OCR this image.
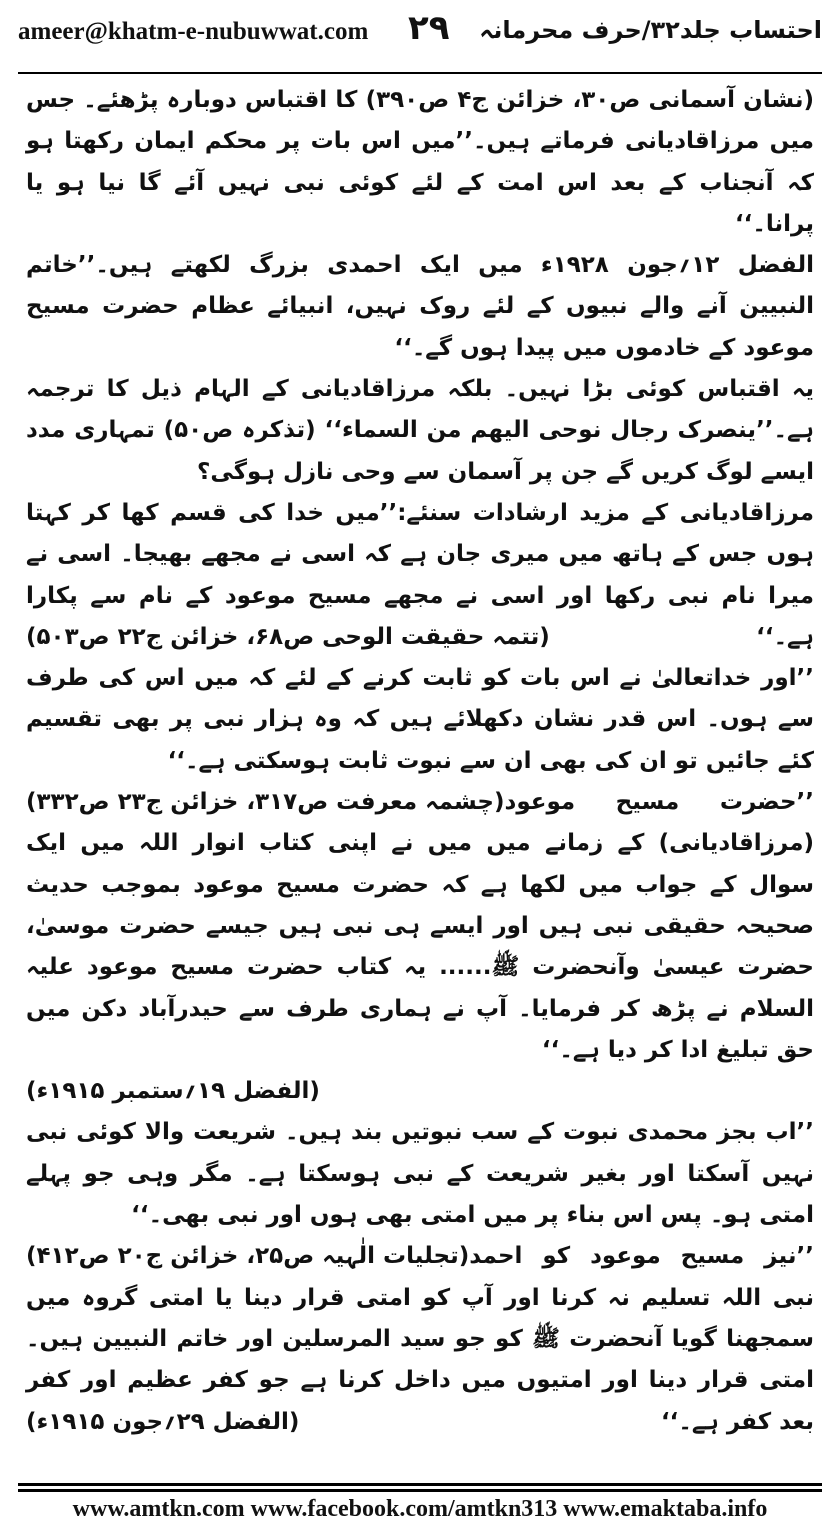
ameer@khatm-e-nubuwwat.com ۲۹ احتساب جلد۳۲/حرف محرمانہ

(نشان آسمانی ص۳۰، خزائن ج۴ ص۳۹۰) کا اقتباس دوبارہ پڑھئے۔ جس میں مرزاقادیانی فرماتے ہیں۔’’میں اس بات پر محکم ایمان رکھتا ہو کہ آنجناب کے بعد اس امت کے لئے کوئی نبی نہیں آئے گا نیا ہو یا پرانا۔‘‘

الفضل ۱۲؍جون ۱۹۲۸ء میں ایک احمدی بزرگ لکھتے ہیں۔’’خاتم النبیین آنے والے نبیوں کے لئے روک نہیں، انبیائے عظام حضرت مسیح موعود کے خادموں میں پیدا ہوں گے۔‘‘

یہ اقتباس کوئی بڑا نہیں۔ بلکہ مرزاقادیانی کے الہام ذیل کا ترجمہ ہے۔’’ینصرک رجال نوحی الیھم من السماء‘‘ (تذکرہ ص۵۰) تمہاری مدد ایسے لوگ کریں گے جن پر آسمان سے وحی نازل ہوگی؟

مرزاقادیانی کے مزید ارشادات سنئے:’’میں خدا کی قسم کھا کر کہتا ہوں جس کے ہاتھ میں میری جان ہے کہ اسی نے مجھے بھیجا۔ اسی نے میرا نام نبی رکھا اور اسی نے مجھے مسیح موعود کے نام سے پکارا ہے۔‘‘
(تتمہ حقیقت الوحی ص۶۸، خزائن ج۲۲ ص۵۰۳)

’’اور خداتعالیٰ نے اس بات کو ثابت کرنے کے لئے کہ میں اس کی طرف سے ہوں۔ اس قدر نشان دکھلائے ہیں کہ وہ ہزار نبی پر بھی تقسیم کئے جائیں تو ان کی بھی ان سے نبوت ثابت ہوسکتی ہے۔‘‘
(چشمہ معرفت ص۳۱۷، خزائن ج۲۳ ص۳۳۲) ’’حضرت مسیح موعود (مرزاقادیانی) کے زمانے میں میں نے اپنی کتاب انوار اللہ میں ایک سوال کے جواب میں لکھا ہے کہ حضرت مسیح موعود بموجب حدیث صحیحہ حقیقی نبی ہیں اور ایسے ہی نبی ہیں جیسے حضرت موسیٰ، حضرت عیسیٰ وآنحضرت ﷺ...... یہ کتاب حضرت مسیح موعود علیہ السلام نے پڑھ کر فرمایا۔ آپ نے ہماری طرف سے حیدرآباد دکن میں حق تبلیغ ادا کر دیا ہے۔‘‘

(الفضل ۱۹؍ستمبر ۱۹۱۵ء)

’’اب بجز محمدی نبوت کے سب نبوتیں بند ہیں۔ شریعت والا کوئی نبی نہیں آسکتا اور بغیر شریعت کے نبی ہوسکتا ہے۔ مگر وہی جو پہلے امتی ہو۔ پس اس بناء پر میں امتی بھی ہوں اور نبی بھی۔‘‘
(تجلیات الٰہیہ ص۲۵، خزائن ج۲۰ ص۴۱۲) ’’نیز مسیح موعود کو احمد نبی اللہ تسلیم نہ کرنا اور آپ کو امتی قرار دینا یا امتی گروہ میں سمجھنا گویا آنحضرت ﷺ کو جو سید المرسلین اور خاتم النبیین ہیں۔ امتی قرار دینا اور امتیوں میں داخل کرنا ہے جو کفر عظیم اور کفر بعد کفر ہے۔‘‘
(الفضل ۲۹؍جون ۱۹۱۵ء)

www.amtkn.com www.facebook.com/amtkn313 www.emaktaba.info
